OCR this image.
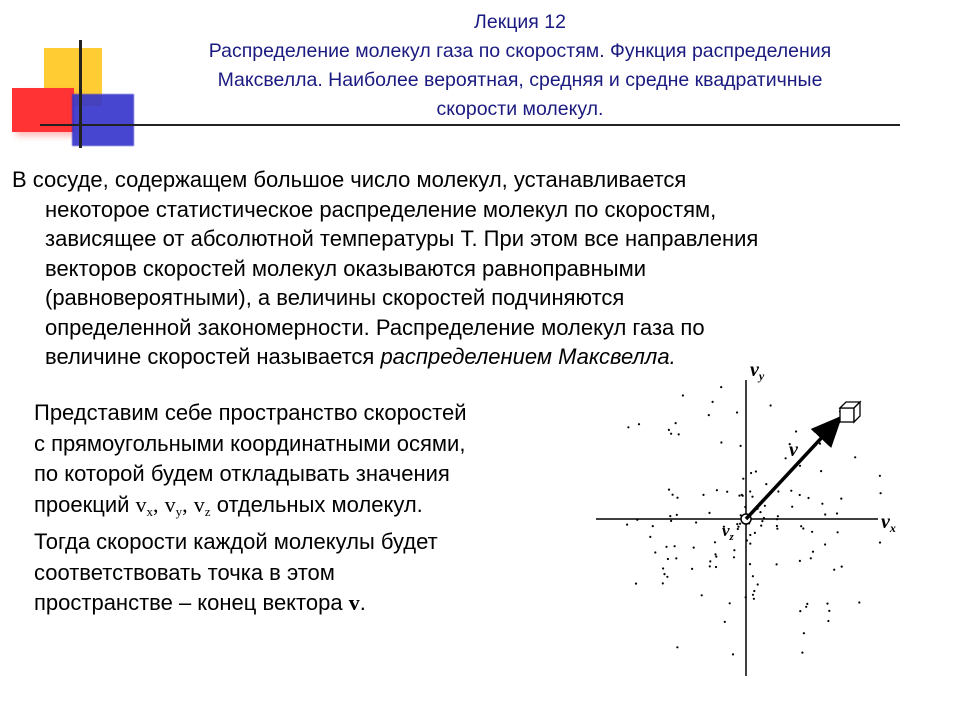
Лекция 12
Распределение молекул газа по скоростям. Функция распределения
Максвелла. Наиболее вероятная, средняя и средне квадратичные
скорости молекул.
В сосуде, содержащем большое число молекул, устанавливается
некоторое статистическое распределение молекул по скоростям,
зависящее от абсолютной температуры Т. При этом все направления
векторов скоростей молекул оказываются равноправными
(равновероятными), а величины скоростей подчиняются
определенной закономерности. Распределение молекул газа по
величине скоростей называется распределением Максвелла.
Представим себе пространство скоростей
с прямоугольными координатными осями,
по которой будем откладывать значения
проекций $v_x$, $v_y$, $v_z$ отдельных молекул.
Тогда скорости каждой молекулы будет
соответствовать точка в этом
пространстве – конец вектора v.
$v_y$
$v_x$
$v_z$
v
